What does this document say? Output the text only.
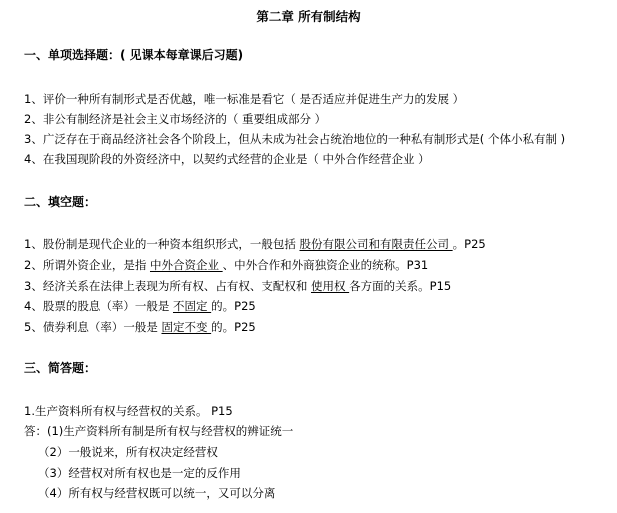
第二章 所有制结构
一、单项选择题：( 见课本每章课后习题)
1、评价一种所有制形式是否优越，唯一标准是看它（ 是否适应并促进生产力的发展 ）
2、非公有制经济是社会主义市场经济的（ 重要组成部分 ）
3、广泛存在于商品经济社会各个阶段上，但从未成为社会占统治地位的一种私有制形式是( 个体小私有制 )
4、在我国现阶段的外资经济中，以契约式经营的企业是（ 中外合作经营企业 ）
二、填空题：
1、股份制是现代企业的一种资本组织形式，一般包括 股份有限公司和有限责任公司 。P25
2、所谓外资企业，是指 中外合资企业 、中外合作和外商独资企业的统称。P31
3、经济关系在法律上表现为所有权、占有权、支配权和 使用权 各方面的关系。P15
4、股票的股息（率）一般是 不固定 的。P25
5、债券利息（率）一般是 固定不变 的。P25
三、简答题：
1.生产资料所有权与经营权的关系。 P15
答：(1)生产资料所有制是所有权与经营权的辨证统一
（2）一般说来，所有权决定经营权
（3）经营权对所有权也是一定的反作用
（4）所有权与经营权既可以统一，又可以分离
